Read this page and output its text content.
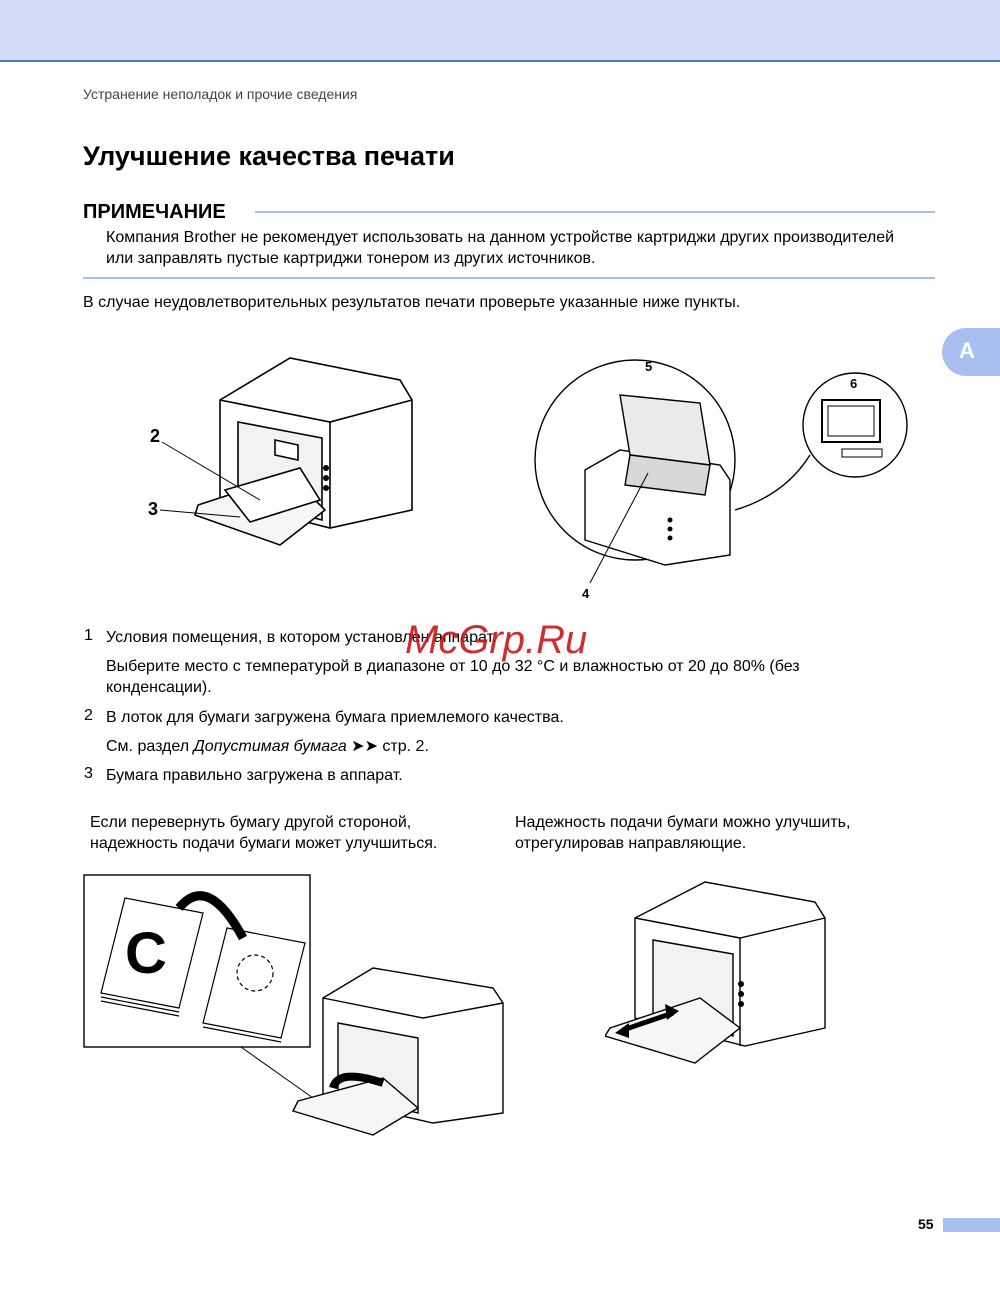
Устранение неполадок и прочие сведения
Улучшение качества печати
ПРИМЕЧАНИЕ
Компания Brother не рекомендует использовать на данном устройстве картриджи других производителей или заправлять пустые картриджи тонером из других источников.
В случае неудовлетворительных результатов печати проверьте указанные ниже пункты.
A
2
3
5
6
4
1 Условия помещения, в котором установлен аппарат.
Выберите место с температурой в диапазоне от 10 до 32 °C и влажностью от 20 до 80% (без конденсации).
2 В лоток для бумаги загружена бумага приемлемого качества.
См. раздел Допустимая бумага ➤➤ стр. 2.
3 Бумага правильно загружена в аппарат.
McGrp.Ru
Если перевернуть бумагу другой стороной, надежность подачи бумаги может улучшиться.
Надежность подачи бумаги можно улучшить, отрегулировав направляющие.
C
55
